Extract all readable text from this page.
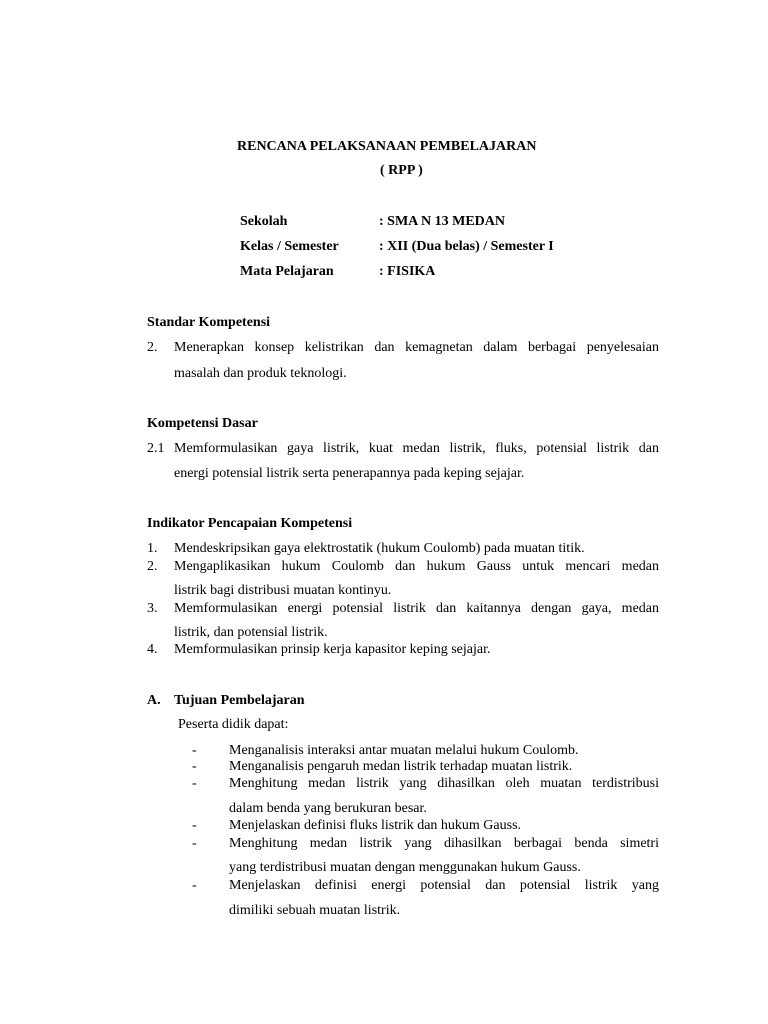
RENCANA PELAKSANAAN PEMBELAJARAN
( RPP )
Sekolah	: SMA N 13 MEDAN
Kelas / Semester	: XII (Dua belas) / Semester I
Mata Pelajaran	: FISIKA
Standar Kompetensi
2. Menerapkan konsep kelistrikan dan kemagnetan dalam berbagai penyelesaian
masalah dan produk teknologi.
Kompetensi Dasar
2.1 Memformulasikan gaya listrik, kuat medan listrik, fluks, potensial listrik dan
energi potensial listrik serta penerapannya pada keping sejajar.
Indikator Pencapaian Kompetensi
1. Mendeskripsikan gaya elektrostatik (hukum Coulomb) pada muatan titik.
2. Mengaplikasikan hukum Coulomb dan hukum Gauss untuk mencari medan
listrik bagi distribusi muatan kontinyu.
3. Memformulasikan energi potensial listrik dan kaitannya dengan gaya, medan
listrik, dan potensial listrik.
4. Memformulasikan prinsip kerja kapasitor keping sejajar.
A. Tujuan Pembelajaran
Peserta didik dapat:
- Menganalisis interaksi antar muatan melalui hukum Coulomb.
- Menganalisis pengaruh medan listrik terhadap muatan listrik.
- Menghitung medan listrik yang dihasilkan oleh muatan terdistribusi
dalam benda yang berukuran besar.
- Menjelaskan definisi fluks listrik dan hukum Gauss.
- Menghitung medan listrik yang dihasilkan berbagai benda simetri
yang terdistribusi muatan dengan menggunakan hukum Gauss.
- Menjelaskan definisi energi potensial dan potensial listrik yang
dimiliki sebuah muatan listrik.
